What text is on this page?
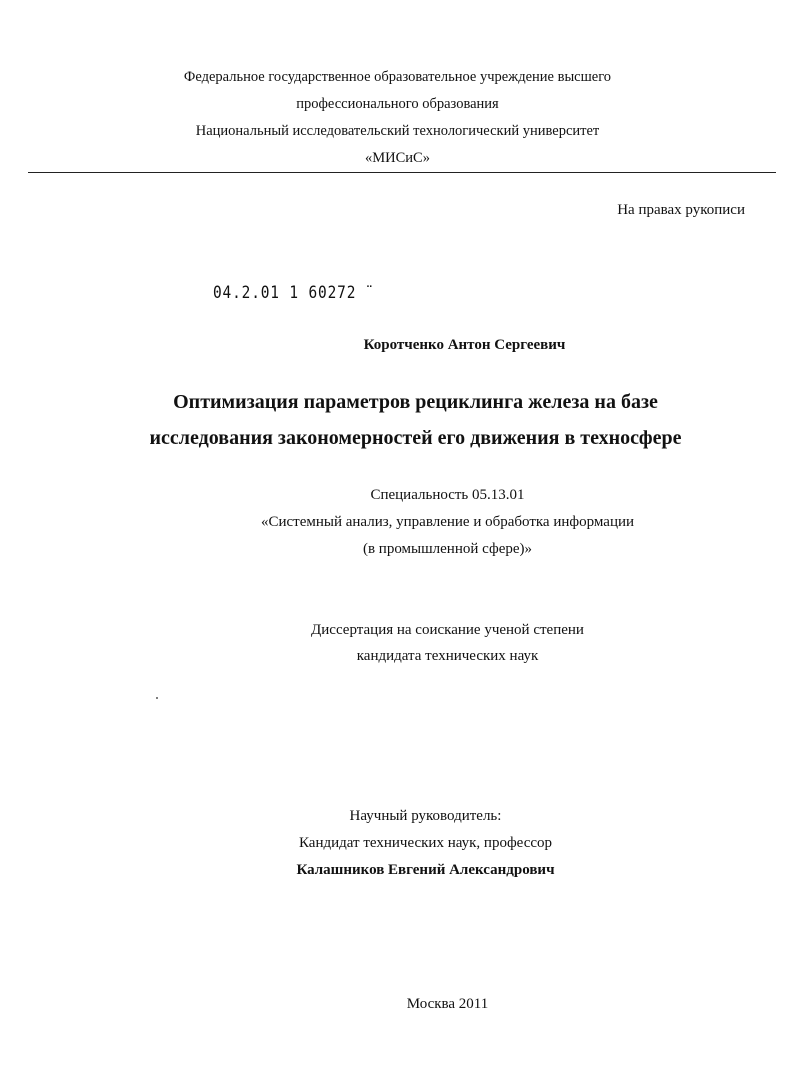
Федеральное государственное образовательное учреждение высшего
профессионального образования
Национальный исследовательский технологический университет
«МИСиС»
На правах рукописи
04.2.01 1 60272 ̈
Коротченко Антон Сергеевич
Оптимизация параметров рециклинга железа на базе
исследования закономерностей его движения в техносфере
Специальность 05.13.01
«Системный анализ, управление и обработка информации
(в промышленной сфере)»
Диссертация на соискание ученой степени
кандидата технических наук
Научный руководитель:
Кандидат технических наук, профессор
Калашников Евгений Александрович
Москва 2011
